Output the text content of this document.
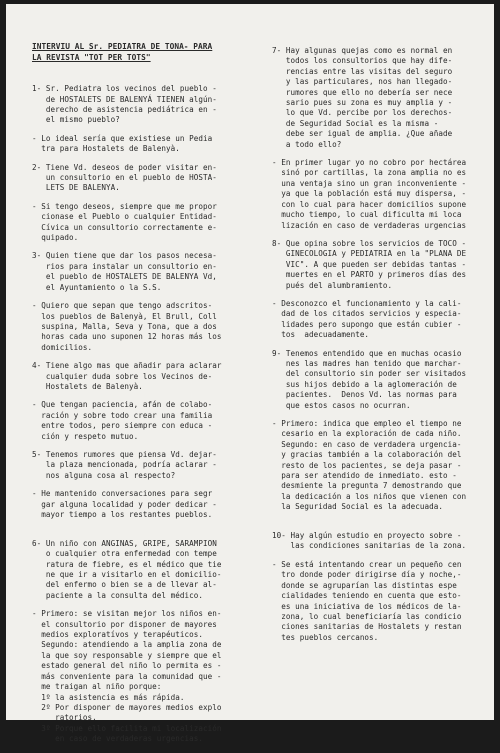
INTERVIU AL Sr. PEDIATRA DE TONA- PARA
LA REVISTA "TOT PER TOTS"
1- Sr. Pediatra los vecinos del pueblo -
de HOSTALETS DE BALENYÁ TIENEN algún-
derecho de asistencia pediátrica en -
el mismo pueblo?
- Lo ideal sería que existiese un Pedia
tra para Hostalets de Balenyà.
2- Tiene Vd. deseos de poder visitar en-
un consultorio en el pueblo de HOSTA-
LETS DE BALENYA.
- Si tengo deseos, siempre que me propor
cionase el Pueblo o cualquier Entidad-
Cívica un consultorio correctamente e-
quipado.
3- Quien tiene que dar los pasos necesa-
rios para instalar un consultorio en-
el pueblo de HOSTALETS DE BALENYA Vd,
el Ayuntamiento o la S.S.
- Quiero que sepan que tengo adscritos-
los pueblos de Balenyà, El Brull, Coll
suspina, Malla, Seva y Tona, que a dos
horas cada uno suponen 12 horas más los
domicilios.
4- Tiene algo mas que añadir para aclarar
cualquier duda sobre los Vecinos de-
Hostalets de Balenyà.
- Que tengan paciencia, afán de colabo-
ración y sobre todo crear una familia
entre todos, pero siempre con educa -
ción y respeto mutuo.
5- Tenemos rumores que piensa Vd. dejar-
la plaza mencionada, podría aclarar -
nos alguna cosa al respecto?
- He mantenido conversaciones para segr
gar alguna localidad y poder dedicar -
mayor tiempo a los restantes pueblos.

6- Un niño con ANGINAS, GRIPE, SARAMPION
o cualquier otra enfermedad con tempe
ratura de fiebre, es el médico que tie
ne que ir a visitarlo en el domicilio-
del enfermo o bien se a de llevar al-
paciente a la consulta del médico.
- Primero: se visitan mejor los niños en-
el consultorio por disponer de mayores
medios exploratívos y terapéuticos.
Segundo: atendiendo a la amplia zona de
la que soy responsable y siempre que el
estado general del niño lo permita es -
más conveniente para la comunidad que -
me traigan al niño porque:
1º la asistencia es más rápida.
2º Por disponer de mayores medios explo
ratorios.
3º Porque ello facilita mi localización
en caso de verdaderas urgencias.
7- Hay algunas quejas como es normal en
todos los consultorios que hay dife-
rencias entre las visitas del seguro
y las particulares, nos han llegado-
rumores que ello no debería ser nece
sario pues su zona es muy amplia y -
lo que Vd. percibe por los derechos-
de Seguridad Social es la misma -
debe ser igual de amplia. ¿Que añade
a todo ello?
- En primer lugar yo no cobro por hectárea
sinó por cartillas, la zona amplia no es
una ventaja sino un gran inconveniente -
ya que la población está muy dispersa, -
con lo cual para hacer domicilios supone
mucho tiempo, lo cual dificulta mi loca
lización en caso de verdaderas urgencias
8- Que opina sobre los servicios de TOCO -
GINECOLOGIA y PEDIATRIA en la "PLANA DE
VIC". A que pueden ser debidas tantas -
muertes en el PARTO y primeros días des
pués del alumbramiento.
- Desconozco el funcionamiento y la cali-
dad de los citados servicios y especia-
lidades pero supongo que están cubier -
tos  adecuadamente.
9- Tenemos entendido que en muchas ocasio
nes las madres han tenido que marchar-
del consultorio sin poder ser visitados
sus hijos debido a la aglomeración de
pacientes.  Denos Vd. las normas para
que estos casos no ocurran.
- Primero: indica que empleo el tiempo ne
cesario en la exploración de cada niño.
Segundo: en caso de verdadera urgencia-
y gracias también a la colaboración del
resto de los pacientes, se deja pasar -
para ser atendido de inmediato. esto -
desmiente la pregunta 7 demostrando que
la dedicación a los niños que vienen con
la Seguridad Social es la adecuada.

10- Hay algún estudio en proyecto sobre -
las condiciones sanitarias de la zona.
- Se está intentando crear un pequeño cen
tro donde poder dirigirse día y noche,-
donde se agruparían las distintas espe
cialidades teniendo en cuenta que esto-
es una iniciativa de los médicos de la-
zona, lo cual beneficiaría las condicio
ciones sanitarias de Hostalets y restan
tes pueblos cercanos.
